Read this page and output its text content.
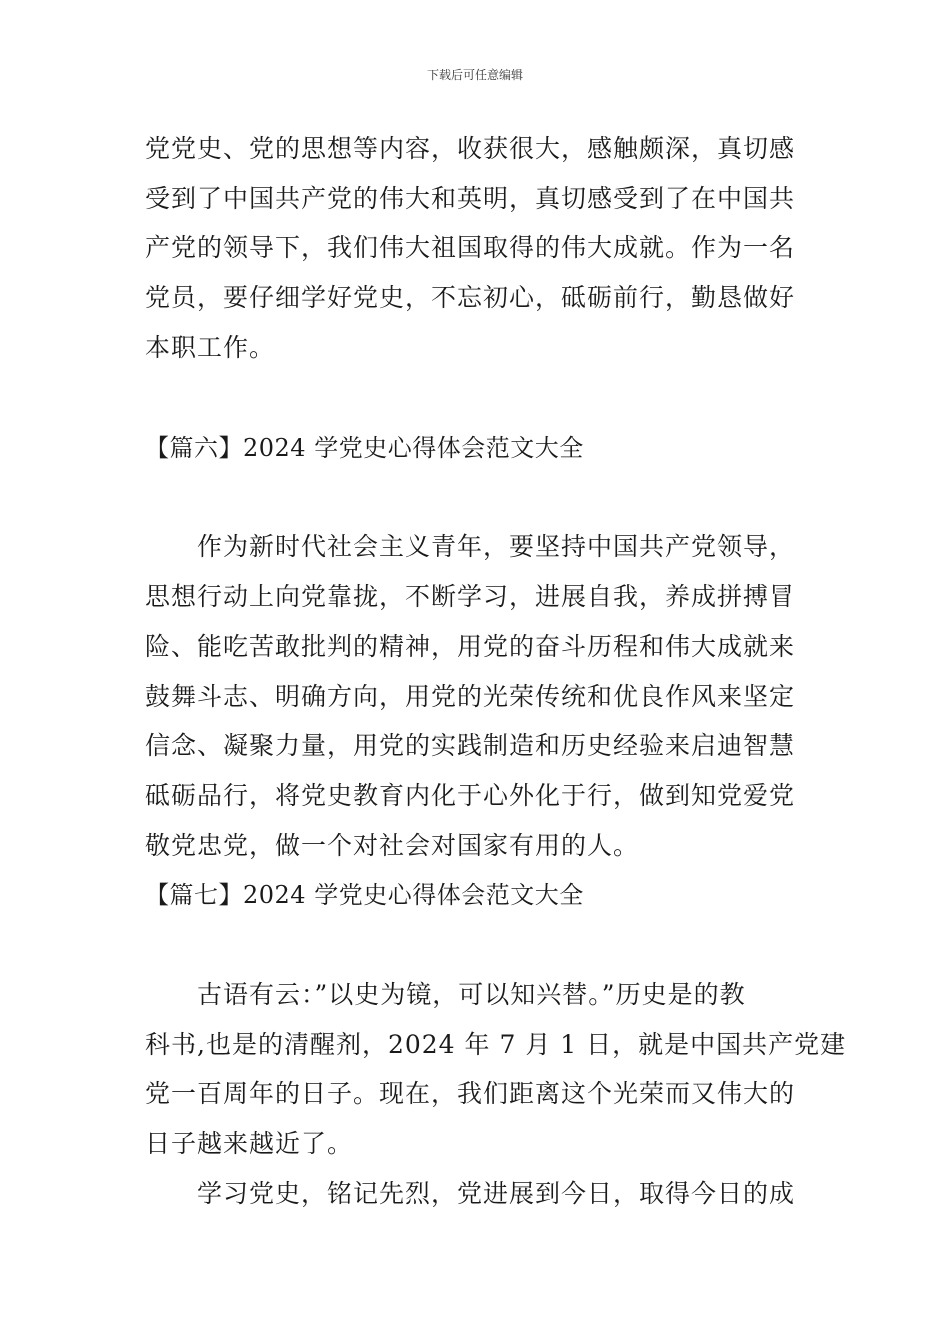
下载后可任意编辑
党党史、党的思想等内容，收获很大，感触颇深，真切感
受到了中国共产党的伟大和英明，真切感受到了在中国共
产党的领导下，我们伟大祖国取得的伟大成就。作为一名
党员，要仔细学好党史，不忘初心，砥砺前行，勤恳做好
本职工作。
【篇六】2024 学党史心得体会范文大全
作为新时代社会主义青年，要坚持中国共产党领导，
思想行动上向党靠拢，不断学习，进展自我，养成拼搏冒
险、能吃苦敢批判的精神，用党的奋斗历程和伟大成就来
鼓舞斗志、明确方向，用党的光荣传统和优良作风来坚定
信念、凝聚力量，用党的实践制造和历史经验来启迪智慧
砥砺品行，将党史教育内化于心外化于行，做到知党爱党
敬党忠党，做一个对社会对国家有用的人。
【篇七】2024 学党史心得体会范文大全
古语有云：”以史为镜，可以知兴替。”历史是的教
科书,也是的清醒剂，2024 年 7 月 1 日，就是中国共产党建
党一百周年的日子。现在，我们距离这个光荣而又伟大的
日子越来越近了。
学习党史，铭记先烈，党进展到今日，取得今日的成
